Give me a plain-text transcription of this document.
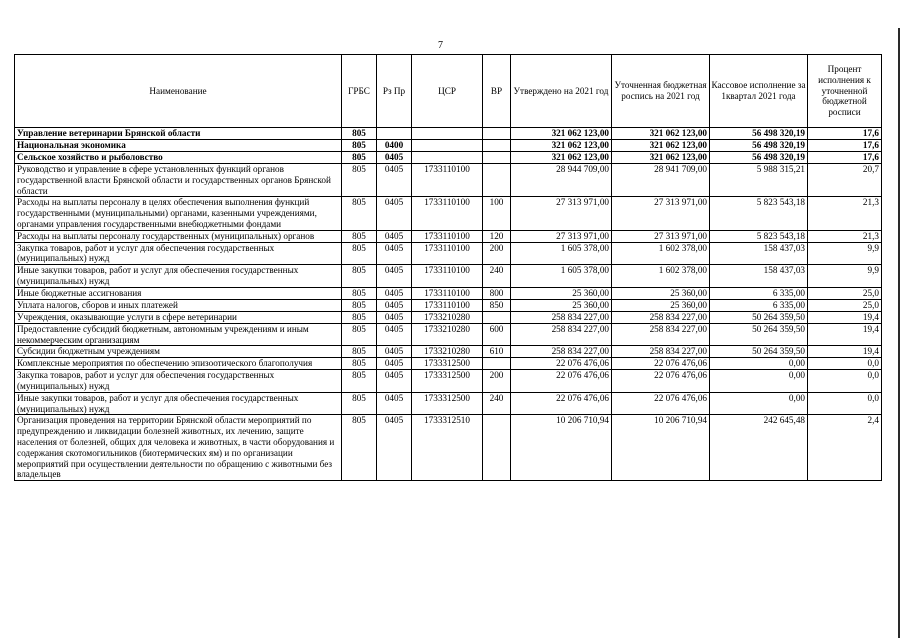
7
Наименование	ГРБС	Рз Пр	ЦСР	ВР	Утверждено на 2021 год	Уточненная бюджетная роспись на 2021 год	Кассовое исполнение за 1квартал 2021 года	Процент исполнения к уточненной бюджетной росписи
Управление ветеринарии Брянской области	805				321 062 123,00	321 062 123,00	56 498 320,19	17,6
Национальная экономика	805	0400			321 062 123,00	321 062 123,00	56 498 320,19	17,6
Сельское хозяйство и рыболовство	805	0405			321 062 123,00	321 062 123,00	56 498 320,19	17,6
Руководство и управление в сфере установленных функций органов государственной власти Брянской области и государственных органов Брянской области	805	0405	1733110100		28 944 709,00	28 941 709,00	5 988 315,21	20,7
Расходы на выплаты персоналу в целях обеспечения выполнения функций государственными (муниципальными) органами, казенными учреждениями, органами управления государственными внебюджетными фондами	805	0405	1733110100	100	27 313 971,00	27 313 971,00	5 823 543,18	21,3
Расходы на выплаты персоналу государственных (муниципальных) органов	805	0405	1733110100	120	27 313 971,00	27 313 971,00	5 823 543,18	21,3
Закупка товаров, работ и услуг для обеспечения государственных (муниципальных) нужд	805	0405	1733110100	200	1 605 378,00	1 602 378,00	158 437,03	9,9
Иные закупки товаров, работ и услуг для обеспечения государственных (муниципальных) нужд	805	0405	1733110100	240	1 605 378,00	1 602 378,00	158 437,03	9,9
Иные бюджетные ассигнования	805	0405	1733110100	800	25 360,00	25 360,00	6 335,00	25,0
Уплата налогов, сборов и иных платежей	805	0405	1733110100	850	25 360,00	25 360,00	6 335,00	25,0
Учреждения, оказывающие услуги в сфере ветеринарии	805	0405	1733210280		258 834 227,00	258 834 227,00	50 264 359,50	19,4
Предоставление субсидий бюджетным, автономным учреждениям и иным некоммерческим организациям	805	0405	1733210280	600	258 834 227,00	258 834 227,00	50 264 359,50	19,4
Субсидии бюджетным учреждениям	805	0405	1733210280	610	258 834 227,00	258 834 227,00	50 264 359,50	19,4
Комплексные мероприятия по обеспечению эпизоотического благополучия	805	0405	1733312500		22 076 476,06	22 076 476,06	0,00	0,0
Закупка товаров, работ и услуг для обеспечения государственных (муниципальных) нужд	805	0405	1733312500	200	22 076 476,06	22 076 476,06	0,00	0,0
Иные закупки товаров, работ и услуг для обеспечения государственных (муниципальных) нужд	805	0405	1733312500	240	22 076 476,06	22 076 476,06	0,00	0,0
Организация проведения на территории Брянской области мероприятий по предупреждению и ликвидации болезней животных, их лечению, защите населения от болезней, общих для человека и животных, в части оборудования и содержания скотомогильников (биотермических ям) и по организации мероприятий при осуществлении деятельности по обращению с животными без владельцев	805	0405	1733312510		10 206 710,94	10 206 710,94	242 645,48	2,4
